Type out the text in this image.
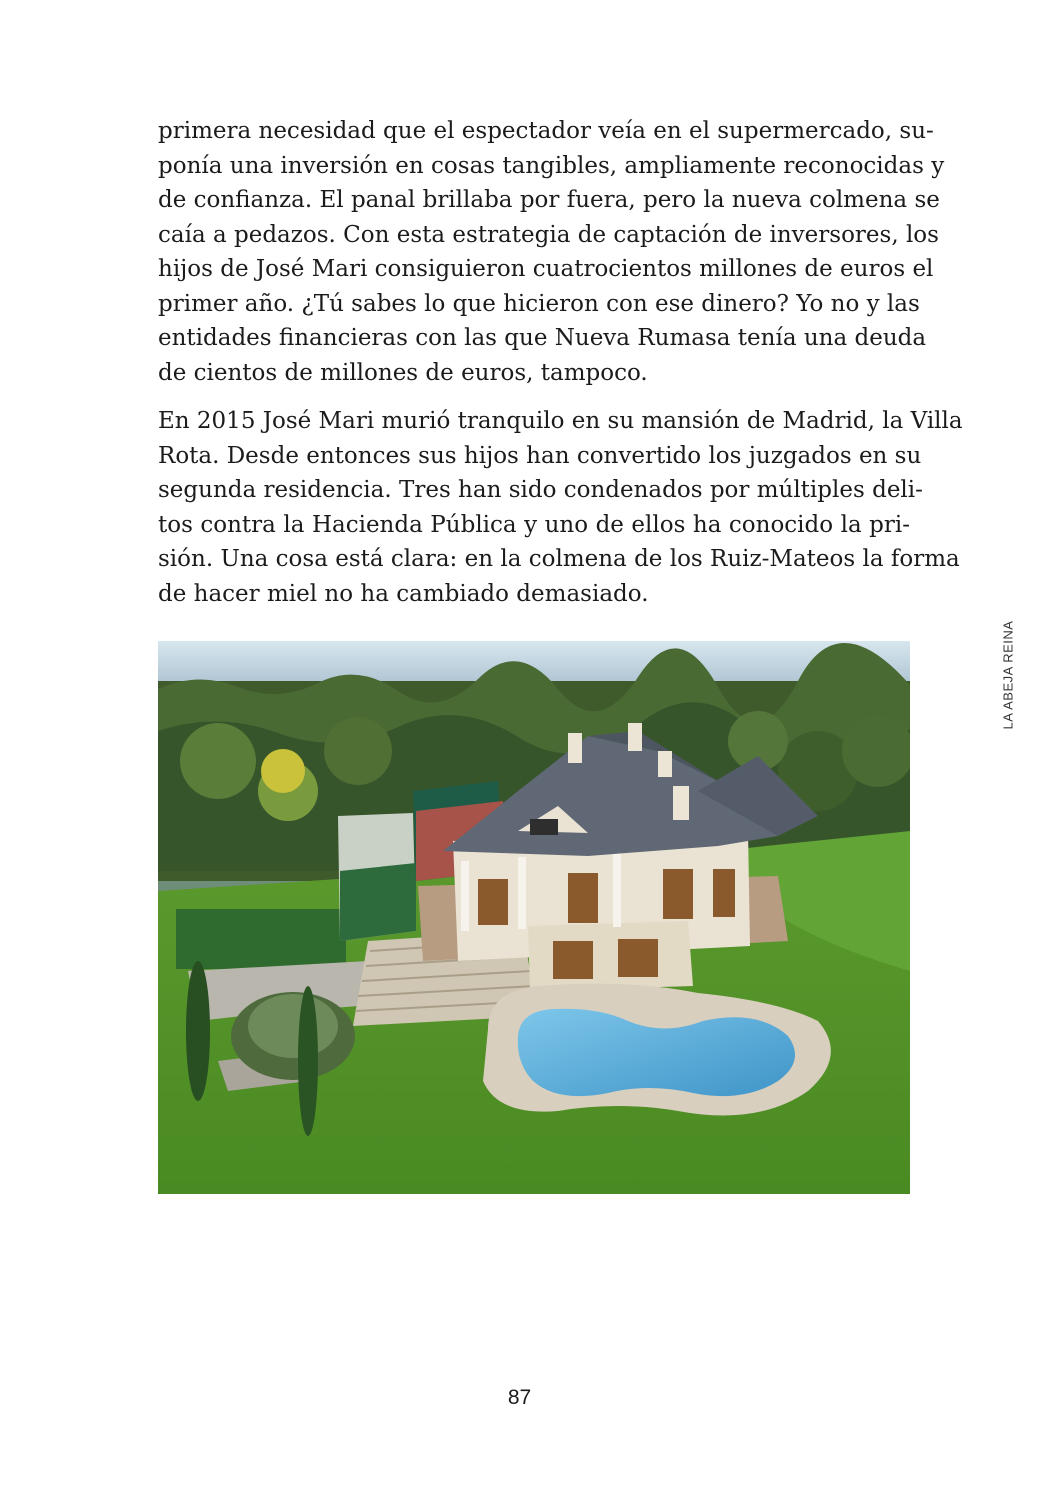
primera necesidad que el espectador veía en el supermercado, su-
ponía una inversión en cosas tangibles, ampliamente reconocidas y
de confianza. El panal brillaba por fuera, pero la nueva colmena se
caía a pedazos. Con esta estrategia de captación de inversores, los
hijos de José Mari consiguieron cuatrocientos millones de euros el
primer año. ¿Tú sabes lo que hicieron con ese dinero? Yo no y las
entidades financieras con las que Nueva Rumasa tenía una deuda
de cientos de millones de euros, tampoco.
En 2015 José Mari murió tranquilo en su mansión de Madrid, la Villa
Rota. Desde entonces sus hijos han convertido los juzgados en su
segunda residencia. Tres han sido condenados por múltiples deli-
tos contra la Hacienda Pública y uno de ellos ha conocido la pri-
sión. Una cosa está clara: en la colmena de los Ruiz-Mateos la forma
de hacer miel no ha cambiado demasiado.
LA ABEJA REINA
87
